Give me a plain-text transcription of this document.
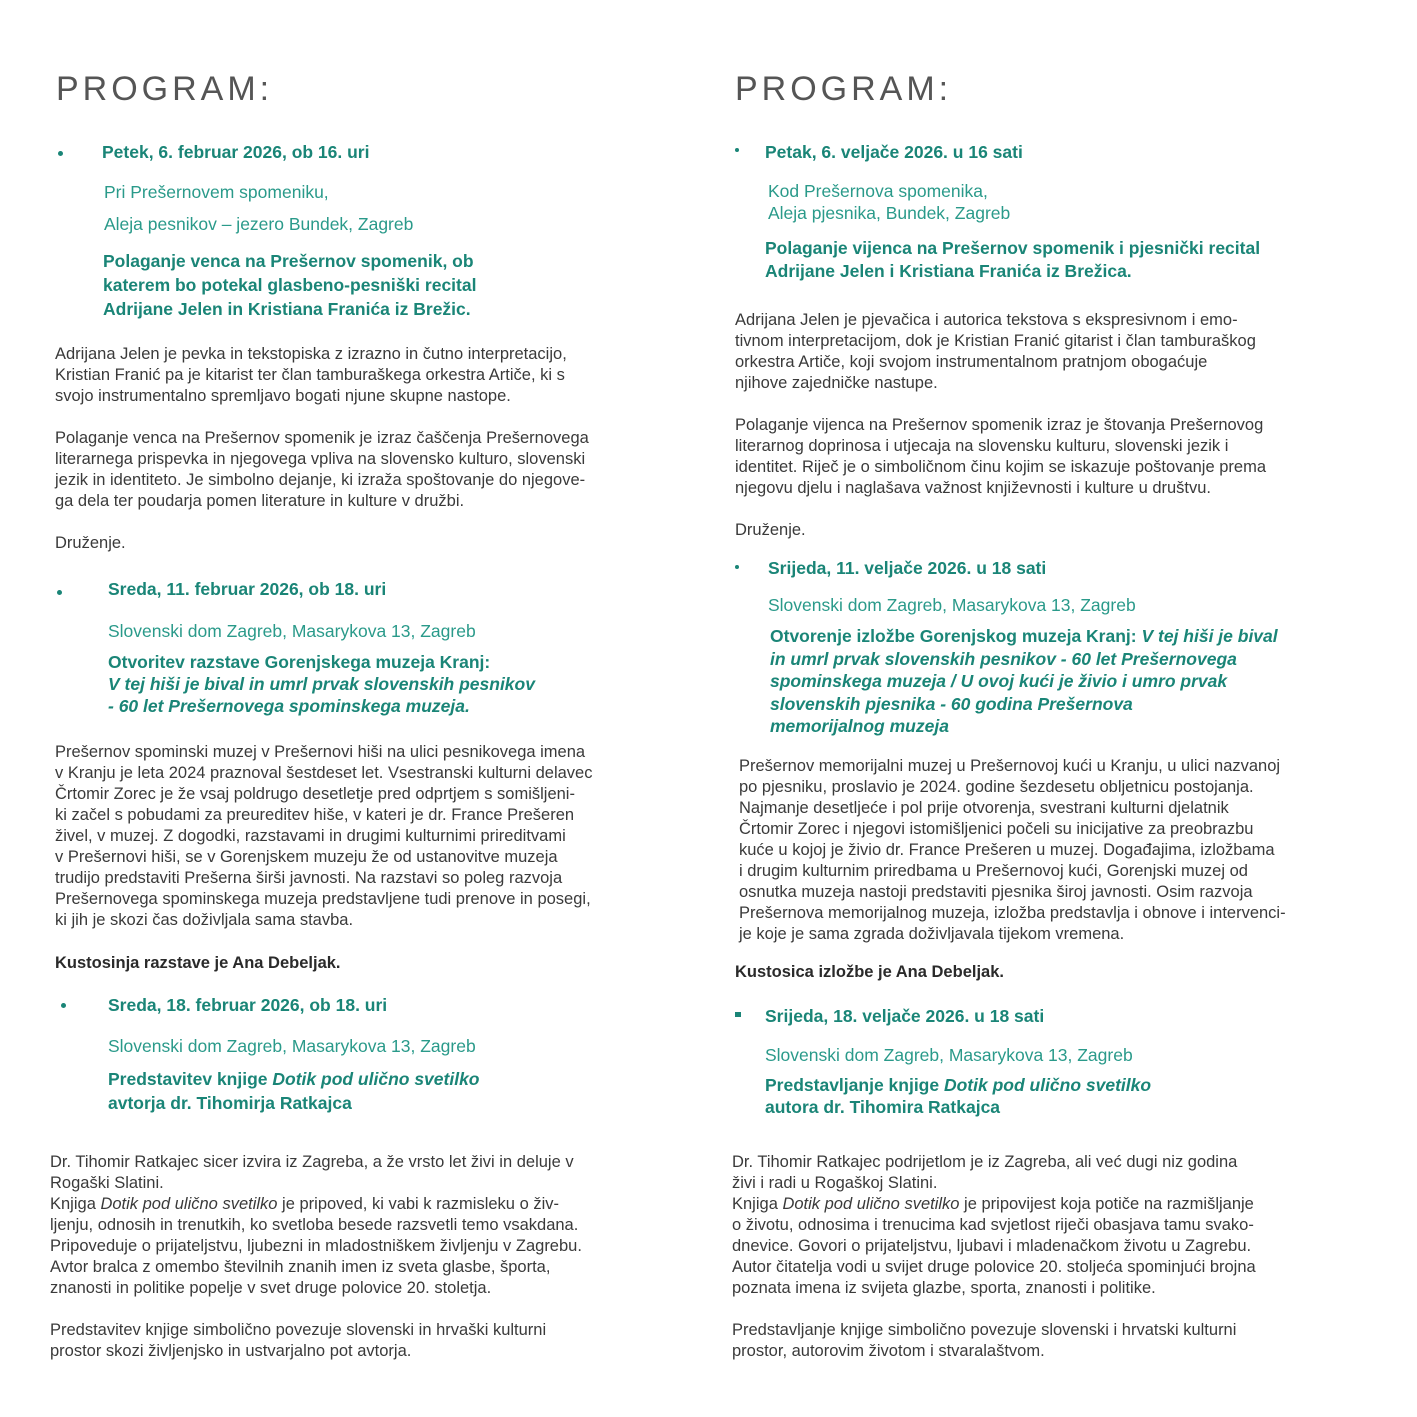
PROGRAM:
Petek, 6. februar 2026, ob 16. uri
Pri Prešernovem spomeniku,
Aleja pesnikov – jezero Bundek, Zagreb
Polaganje venca na Prešernov spomenik, ob
katerem bo potekal glasbeno-pesniški recital
Adrijane Jelen in Kristiana Franića iz Brežic.
Adrijana Jelen je pevka in tekstopiska z izrazno in čutno interpretacijo,
Kristian Franić pa je kitarist ter član tamburaškega orkestra Artiče, ki s
svojo instrumentalno spremljavo bogati njune skupne nastope.
Polaganje venca na Prešernov spomenik je izraz čaščenja Prešernovega
literarnega prispevka in njegovega vpliva na slovensko kulturo, slovenski
jezik in identiteto. Je simbolno dejanje, ki izraža spoštovanje do njegove-
ga dela ter poudarja pomen literature in kulture v družbi.
Druženje.
Sreda, 11. februar 2026, ob 18. uri
Slovenski dom Zagreb, Masarykova 13, Zagreb
Otvoritev razstave Gorenjskega muzeja Kranj:
V tej hiši je bival in umrl prvak slovenskih pesnikov
- 60 let Prešernovega spominskega muzeja.
Prešernov spominski muzej v Prešernovi hiši na ulici pesnikovega imena
v Kranju je leta 2024 praznoval šestdeset let. Vsestranski kulturni delavec
Črtomir Zorec je že vsaj poldrugo desetletje pred odprtjem s somišljeni-
ki začel s pobudami za preureditev hiše, v kateri je dr. France Prešeren
živel, v muzej. Z dogodki, razstavami in drugimi kulturnimi prireditvami
v Prešernovi hiši, se v Gorenjskem muzeju že od ustanovitve muzeja
trudijo predstaviti Prešerna širši javnosti. Na razstavi so poleg razvoja
Prešernovega spominskega muzeja predstavljene tudi prenove in posegi,
ki jih je skozi čas doživljala sama stavba.
Kustosinja razstave je Ana Debeljak.
Sreda, 18. februar 2026, ob 18. uri
Slovenski dom Zagreb, Masarykova 13, Zagreb
Predstavitev knjige Dotik pod ulično svetilko
avtorja dr. Tihomirja Ratkajca
Dr. Tihomir Ratkajec sicer izvira iz Zagreba, a že vrsto let živi in deluje v
Rogaški Slatini.
Knjiga Dotik pod ulično svetilko je pripoved, ki vabi k razmisleku o živ-
ljenju, odnosih in trenutkih, ko svetloba besede razsvetli temo vsakdana.
Pripoveduje o prijateljstvu, ljubezni in mladostniškem življenju v Zagrebu.
Avtor bralca z omembo številnih znanih imen iz sveta glasbe, športa,
znanosti in politike popelje v svet druge polovice 20. stoletja.
Predstavitev knjige simbolično povezuje slovenski in hrvaški kulturni
prostor skozi življenjsko in ustvarjalno pot avtorja.
PROGRAM:
Petak, 6. veljače 2026. u 16 sati
Kod Prešernova spomenika,
Aleja pjesnika, Bundek, Zagreb
Polaganje vijenca na Prešernov spomenik i pjesnički recital
Adrijane Jelen i Kristiana Franića iz Brežica.
Adrijana Jelen je pjevačica i autorica tekstova s ekspresivnom i emo-
tivnom interpretacijom, dok je Kristian Franić gitarist i član tamburaškog
orkestra Artiče, koji svojom instrumentalnom pratnjom obogaćuje
njihove zajedničke nastupe.
Polaganje vijenca na Prešernov spomenik izraz je štovanja Prešernovog
literarnog doprinosa i utjecaja na slovensku kulturu, slovenski jezik i
identitet. Riječ je o simboličnom činu kojim se iskazuje poštovanje prema
njegovu djelu i naglašava važnost književnosti i kulture u društvu.
Druženje.
Srijeda, 11. veljače 2026. u 18 sati
Slovenski dom Zagreb, Masarykova 13, Zagreb
Otvorenje izložbe Gorenjskog muzeja Kranj: V tej hiši je bival
in umrl prvak slovenskih pesnikov - 60 let Prešernovega
spominskega muzeja / U ovoj kući je živio i umro prvak
slovenskih pjesnika - 60 godina Prešernova
memorijalnog muzeja
Prešernov memorijalni muzej u Prešernovoj kući u Kranju, u ulici nazvanoj
po pjesniku, proslavio je 2024. godine šezdesetu obljetnicu postojanja.
Najmanje desetljeće i pol prije otvorenja, svestrani kulturni djelatnik
Črtomir Zorec i njegovi istomišljenici počeli su inicijative za preobrazbu
kuće u kojoj je živio dr. France Prešeren u muzej. Događajima, izložbama
i drugim kulturnim priredbama u Prešernovoj kući, Gorenjski muzej od
osnutka muzeja nastoji predstaviti pjesnika široj javnosti. Osim razvoja
Prešernova memorijalnog muzeja, izložba predstavlja i obnove i intervenci-
je koje je sama zgrada doživljavala tijekom vremena.
Kustosica izložbe je Ana Debeljak.
Srijeda, 18. veljače 2026. u 18 sati
Slovenski dom Zagreb, Masarykova 13, Zagreb
Predstavljanje knjige Dotik pod ulično svetilko
autora dr. Tihomira Ratkajca
Dr. Tihomir Ratkajec podrijetlom je iz Zagreba, ali već dugi niz godina
živi i radi u Rogaškoj Slatini.
Knjiga Dotik pod ulično svetilko je pripovijest koja potiče na razmišljanje
o životu, odnosima i trenucima kad svjetlost riječi obasjava tamu svako-
dnevice. Govori o prijateljstvu, ljubavi i mladenačkom životu u Zagrebu.
Autor čitatelja vodi u svijet druge polovice 20. stoljeća spominjući brojna
poznata imena iz svijeta glazbe, sporta, znanosti i politike.
Predstavljanje knjige simbolično povezuje slovenski i hrvatski kulturni
prostor, autorovim životom i stvaralaštvom.
